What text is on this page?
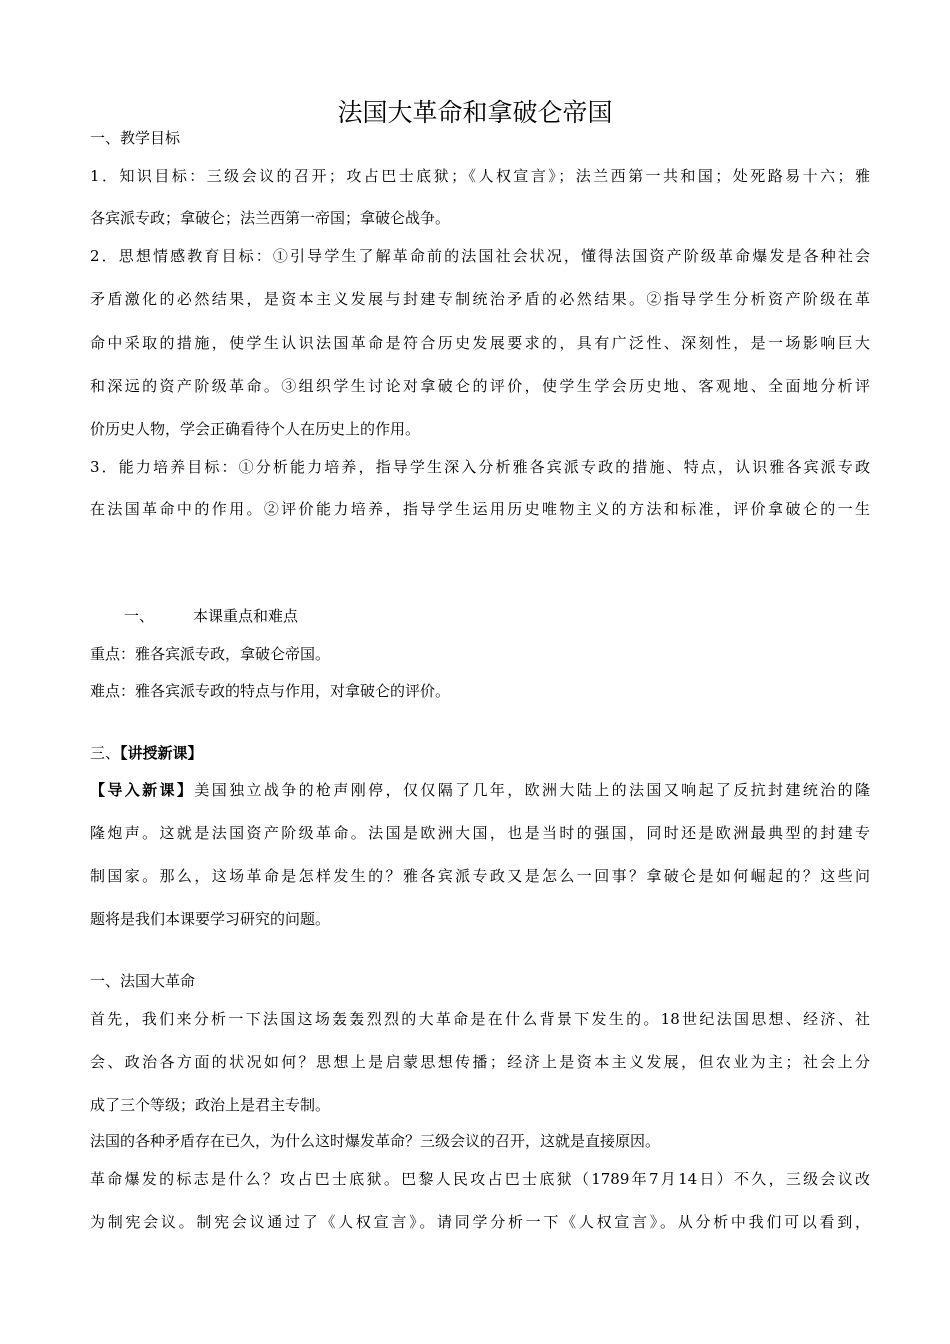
法国大革命和拿破仑帝国
一、教学目标
1．知识目标：三级会议的召开；攻占巴士底狱；《人权宣言》；法兰西第一共和国；处死路易十六；雅
各宾派专政；拿破仑；法兰西第一帝国；拿破仑战争。
2．思想情感教育目标：①引导学生了解革命前的法国社会状况，懂得法国资产阶级革命爆发是各种社会
矛盾激化的必然结果，是资本主义发展与封建专制统治矛盾的必然结果。②指导学生分析资产阶级在革
命中采取的措施，使学生认识法国革命是符合历史发展要求的，具有广泛性、深刻性，是一场影响巨大
和深远的资产阶级革命。③组织学生讨论对拿破仑的评价，使学生学会历史地、客观地、全面地分析评
价历史人物，学会正确看待个人在历史上的作用。
3．能力培养目标：①分析能力培养，指导学生深入分析雅各宾派专政的措施、特点，认识雅各宾派专政
在法国革命中的作用。②评价能力培养，指导学生运用历史唯物主义的方法和标准，评价拿破仑的一生
一、	本课重点和难点
重点：雅各宾派专政，拿破仑帝国。
难点：雅各宾派专政的特点与作用，对拿破仑的评价。
三、【讲授新课】
【导入新课】美国独立战争的枪声刚停，仅仅隔了几年，欧洲大陆上的法国又响起了反抗封建统治的隆
隆炮声。这就是法国资产阶级革命。法国是欧洲大国，也是当时的强国，同时还是欧洲最典型的封建专
制国家。那么，这场革命是怎样发生的？雅各宾派专政又是怎么一回事？拿破仑是如何崛起的？这些问
题将是我们本课要学习研究的问题。
一、法国大革命
首先，我们来分析一下法国这场轰轰烈烈的大革命是在什么背景下发生的。18世纪法国思想、经济、社
会、政治各方面的状况如何？思想上是启蒙思想传播；经济上是资本主义发展，但农业为主；社会上分
成了三个等级；政治上是君主专制。
法国的各种矛盾存在已久，为什么这时爆发革命？三级会议的召开，这就是直接原因。
革命爆发的标志是什么？攻占巴士底狱。巴黎人民攻占巴士底狱（1789年7月14日）不久，三级会议改
为制宪会议。制宪会议通过了《人权宣言》。请同学分析一下《人权宣言》。从分析中我们可以看到，
